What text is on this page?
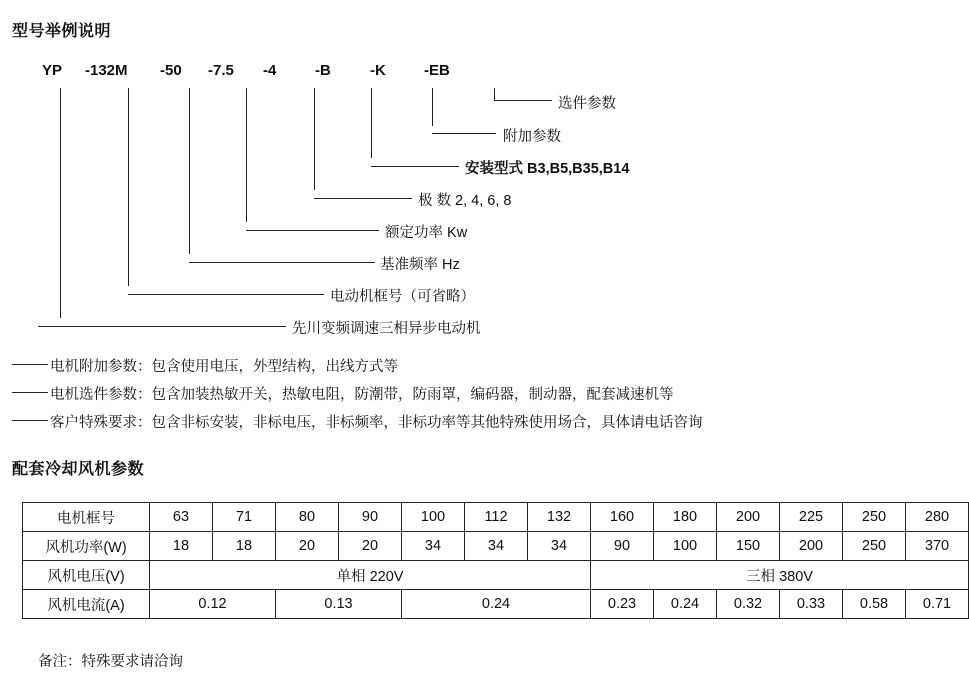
型号举例说明
YP -132M -50 -7.5 -4	-B	-K	-EB
选件参数
附加参数
安装型式 B3,B5,B35,B14
极 数 2, 4, 6, 8
额定功率 Kw
基准频率 Hz
电动机框号（可省略）
先川变频调速三相异步电动机
电机附加参数：包含使用电压，外型结构，出线方式等
电机选件参数：包含加装热敏开关，热敏电阻，防潮带，防雨罩，编码器，制动器，配套减速机等
客户特殊要求：包含非标安装，非标电压，非标频率，非标功率等其他特殊使用场合，具体请电话咨询
配套冷却风机参数
电机框号	63	71	80	90	100	112	132	160	180	200	225	250	280
风机功率(W)	18	18	20	20	34	34	34	90	100	150	200	250	370
风机电压(V)	单相 220V							三相 380V					
风机电流(A)	0.12		0.13		0.24			0.23	0.24	0.32	0.33	0.58	0.71
备注：特殊要求请洽询
